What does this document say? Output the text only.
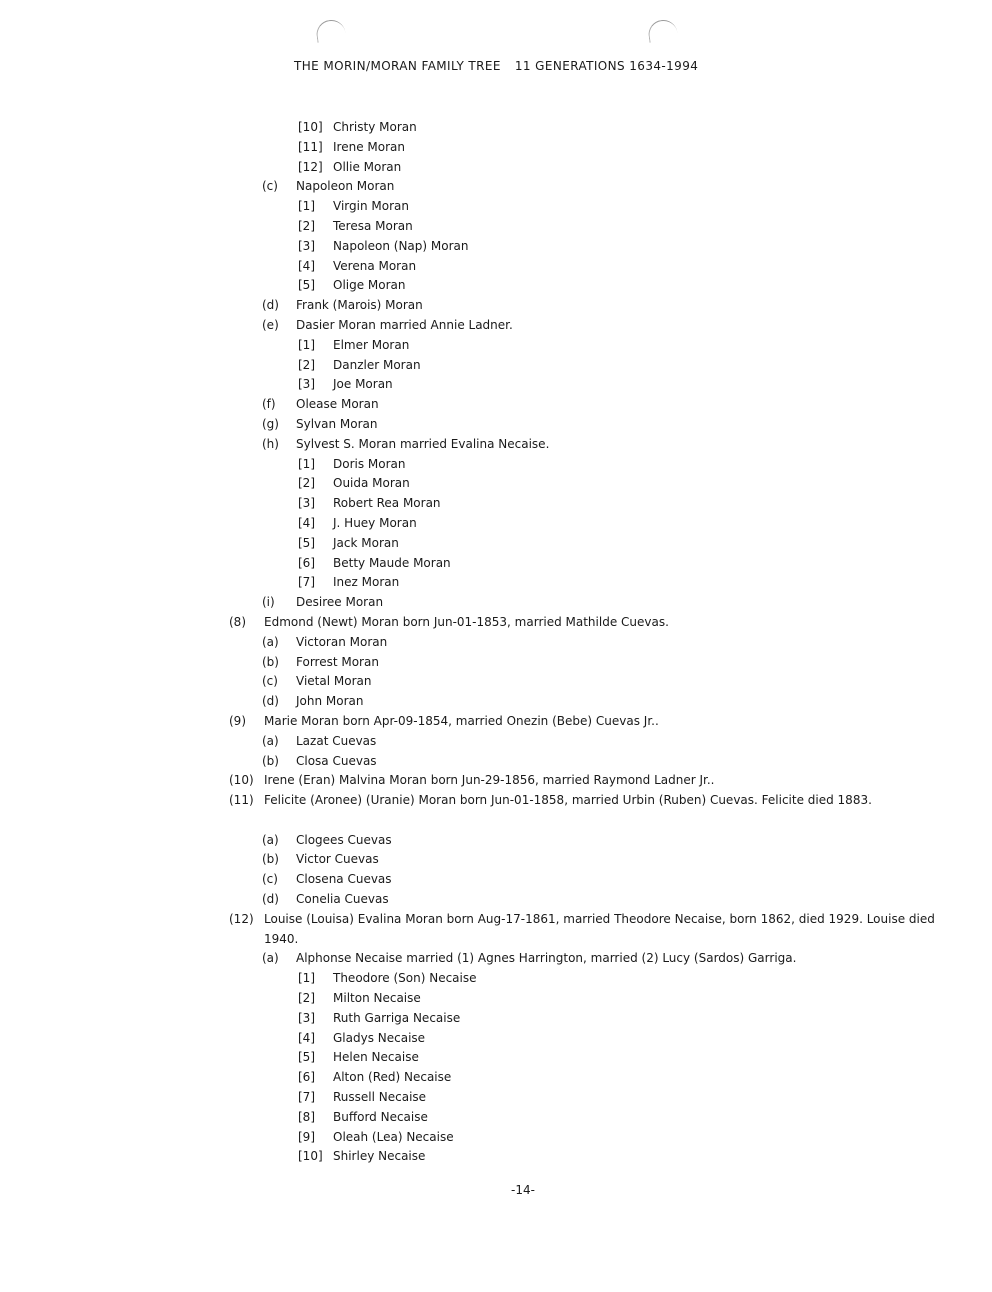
THE MORIN/MORAN FAMILY TREE 11 GENERATIONS 1634-1994
[10] Christy Moran
[11] Irene Moran
[12] Ollie Moran
(c) Napoleon Moran
[1] Virgin Moran
[2] Teresa Moran
[3] Napoleon (Nap) Moran
[4] Verena Moran
[5] Olige Moran
(d) Frank (Marois) Moran
(e) Dasier Moran married Annie Ladner.
[1] Elmer Moran
[2] Danzler Moran
[3] Joe Moran
(f) Olease Moran
(g) Sylvan Moran
(h) Sylvest S. Moran married Evalina Necaise.
[1] Doris Moran
[2] Ouida Moran
[3] Robert Rea Moran
[4] J. Huey Moran
[5] Jack Moran
[6] Betty Maude Moran
[7] Inez Moran
(i) Desiree Moran
(8) Edmond (Newt) Moran born Jun-01-1853, married Mathilde Cuevas.
(a) Victoran Moran
(b) Forrest Moran
(c) Vietal Moran
(d) John Moran
(9) Marie Moran born Apr-09-1854, married Onezin (Bebe) Cuevas Jr..
(a) Lazat Cuevas
(b) Closa Cuevas
(10) Irene (Eran) Malvina Moran born Jun-29-1856, married Raymond Ladner Jr..
(11) Felicite (Aronee) (Uranie) Moran born Jun-01-1858, married Urbin (Ruben) Cuevas. Felicite died 1883.
(a) Clogees Cuevas
(b) Victor Cuevas
(c) Closena Cuevas
(d) Conelia Cuevas
(12) Louise (Louisa) Evalina Moran born Aug-17-1861, married Theodore Necaise, born 1862, died 1929. Louise died 1940.
(a) Alphonse Necaise married (1) Agnes Harrington, married (2) Lucy (Sardos) Garriga.
[1] Theodore (Son) Necaise
[2] Milton Necaise
[3] Ruth Garriga Necaise
[4] Gladys Necaise
[5] Helen Necaise
[6] Alton (Red) Necaise
[7] Russell Necaise
[8] Bufford Necaise
[9] Oleah (Lea) Necaise
[10] Shirley Necaise
-14-
